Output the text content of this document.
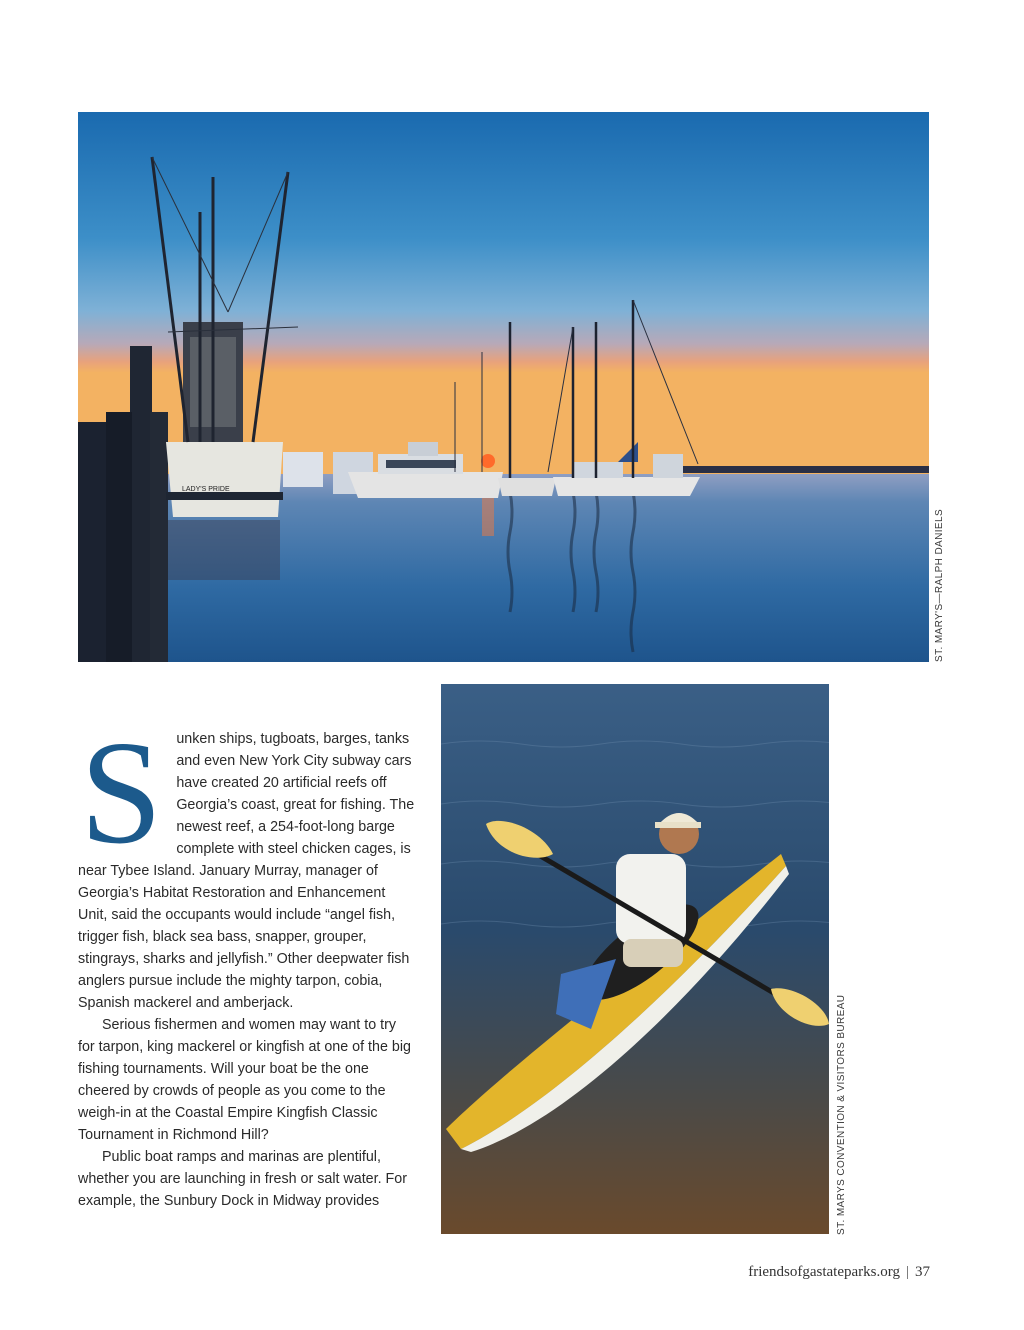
LADY'S PRIDE
ST. MARY'S—RALPH DANIELS
ST. MARYS CONVENTION & VISITORS BUREAU

S unken ships, tugboats, barges, tanks and even New York City subway cars have created 20 artificial reefs off Georgia’s coast, great for fishing. The newest reef, a 254-foot-long barge complete with steel chicken cages, is near Tybee Island. January Murray, manager of Georgia’s Habitat Restoration and Enhancement Unit, said the occupants would include “angel fish, trigger fish, black sea bass, snapper, grouper, stingrays, sharks and jellyfish.” Other deepwater fish anglers pursue include the mighty tarpon, cobia, Spanish mackerel and amberjack.

Serious fishermen and women may want to try for tarpon, king mackerel or kingfish at one of the big fishing tournaments. Will your boat be the one cheered by crowds of people as you come to the weigh-in at the Coastal Empire Kingfish Classic Tournament in Richmond Hill?

Public boat ramps and marinas are plentiful, whether you are launching in fresh or salt water. For example, the Sunbury Dock in Midway provides

friendsofgastateparks.org | 37
